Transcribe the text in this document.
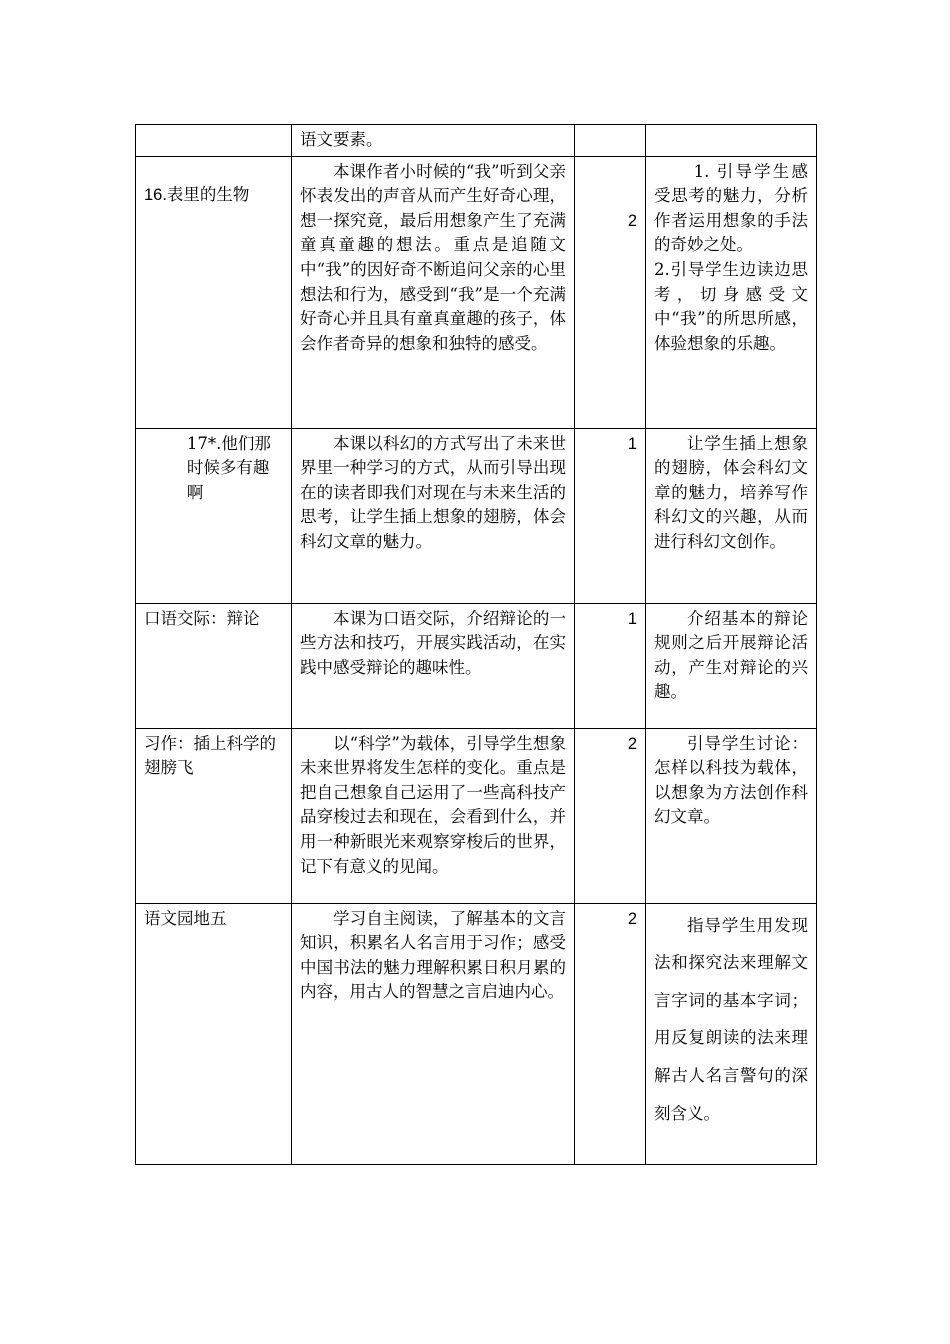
	语文要素。		
16.表里的生物	本课作者小时候的“我”听到父亲怀表发出的声音从而产生好奇心理，想一探究竟，最后用想象产生了充满童真童趣的想法。重点是追随文中“我”的因好奇不断追问父亲的心里想法和行为，感受到“我”是一个充满好奇心并且具有童真童趣的孩子，体会作者奇异的想象和独特的感受。	2	1. 引导学生感受思考的魅力，分析作者运用想象的手法的奇妙之处。
2.引导学生边读边思考，切身感受文中“我”的所思所感，体验想象的乐趣。

17*.他们那时候多有趣啊	本课以科幻的方式写出了未来世界里一种学习的方式，从而引导出现在的读者即我们对现在与未来生活的思考，让学生插上想象的翅膀，体会科幻文章的魅力。	1	让学生插上想象的翅膀，体会科幻文章的魅力，培养写作科幻文的兴趣，从而进行科幻文创作。

口语交际：辩论	本课为口语交际，介绍辩论的一些方法和技巧，开展实践活动，在实践中感受辩论的趣味性。	1	介绍基本的辩论规则之后开展辩论活动，产生对辩论的兴趣。

习作：插上科学的翅膀飞	以“科学”为载体，引导学生想象未来世界将发生怎样的变化。重点是把自己想象自己运用了一些高科技产品穿梭过去和现在，会看到什么，并用一种新眼光来观察穿梭后的世界，记下有意义的见闻。	2	引导学生讨论：怎样以科技为载体，以想象为方法创作科幻文章。

语文园地五	学习自主阅读，了解基本的文言知识，积累名人名言用于习作；感受中国书法的魅力理解积累日积月累的内容，用古人的智慧之言启迪内心。	2	指导学生用发现法和探究法来理解文言字词的基本字词；用反复朗读的法来理解古人名言警句的深刻含义。
